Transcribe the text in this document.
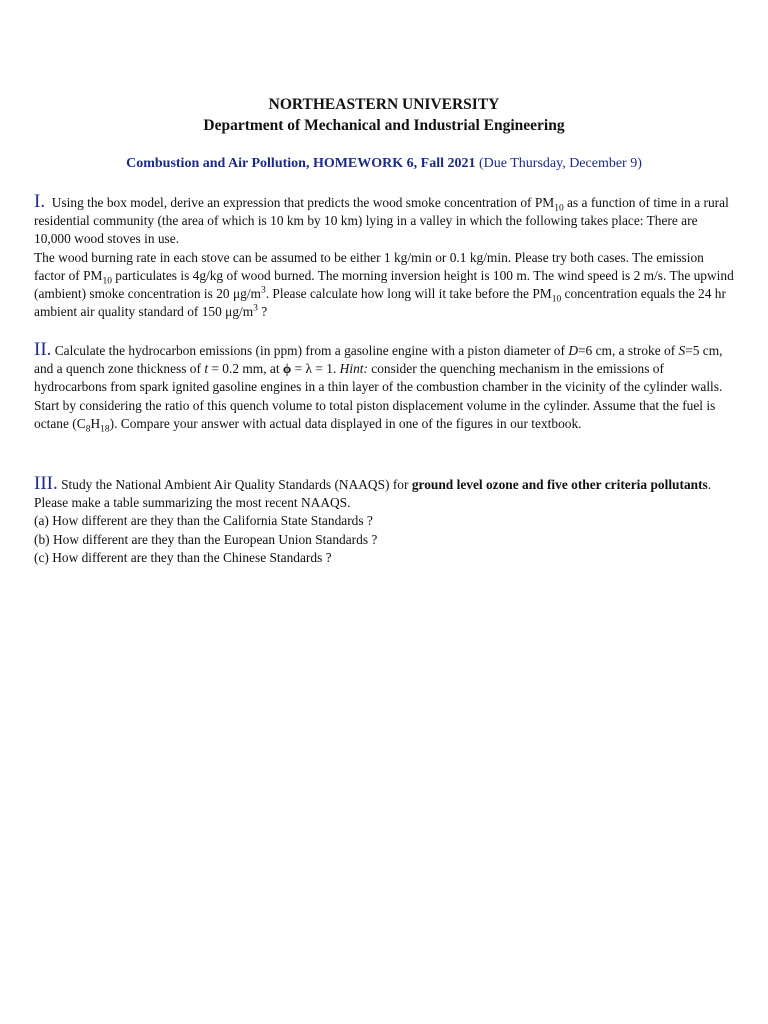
NORTHEASTERN UNIVERSITY
Department of Mechanical and Industrial Engineering
Combustion and Air Pollution, HOMEWORK 6, Fall 2021 (Due Thursday, December 9)
I. Using the box model, derive an expression that predicts the wood smoke concentration of $PM_{10}$ as a function of time in a rural residential community (the area of which is 10 km by 10 km) lying in a valley in which the following takes place: There are 10,000 wood stoves in use.
The wood burning rate in each stove can be assumed to be either 1 kg/min or 0.1 kg/min. Please try both cases. The emission factor of $PM_{10}$ particulates is 4g/kg of wood burned. The morning inversion height is 100 m. The wind speed is 2 m/s. The upwind (ambient) smoke concentration is 20 $\mu g/m^3$. Please calculate how long will it take before the $PM_{10}$ concentration equals the 24 hr ambient air quality standard of 150 $\mu g/m^3$ ?
II. Calculate the hydrocarbon emissions (in ppm) from a gasoline engine with a piston diameter of D=6 cm, a stroke of S=5 cm, and a quench zone thickness of t = 0.2 mm, at ϕ = λ = 1. Hint: consider the quenching mechanism in the emissions of hydrocarbons from spark ignited gasoline engines in a thin layer of the combustion chamber in the vicinity of the cylinder walls. Start by considering the ratio of this quench volume to total piston displacement volume in the cylinder. Assume that the fuel is octane $(C_8H_{18})$. Compare your answer with actual data displayed in one of the figures in our textbook.
III. Study the National Ambient Air Quality Standards (NAAQS) for ground level ozone and five other criteria pollutants. Please make a table summarizing the most recent NAAQS.
(a) How different are they than the California State Standards ?
(b) How different are they than the European Union Standards ?
(c) How different are they than the Chinese Standards ?
